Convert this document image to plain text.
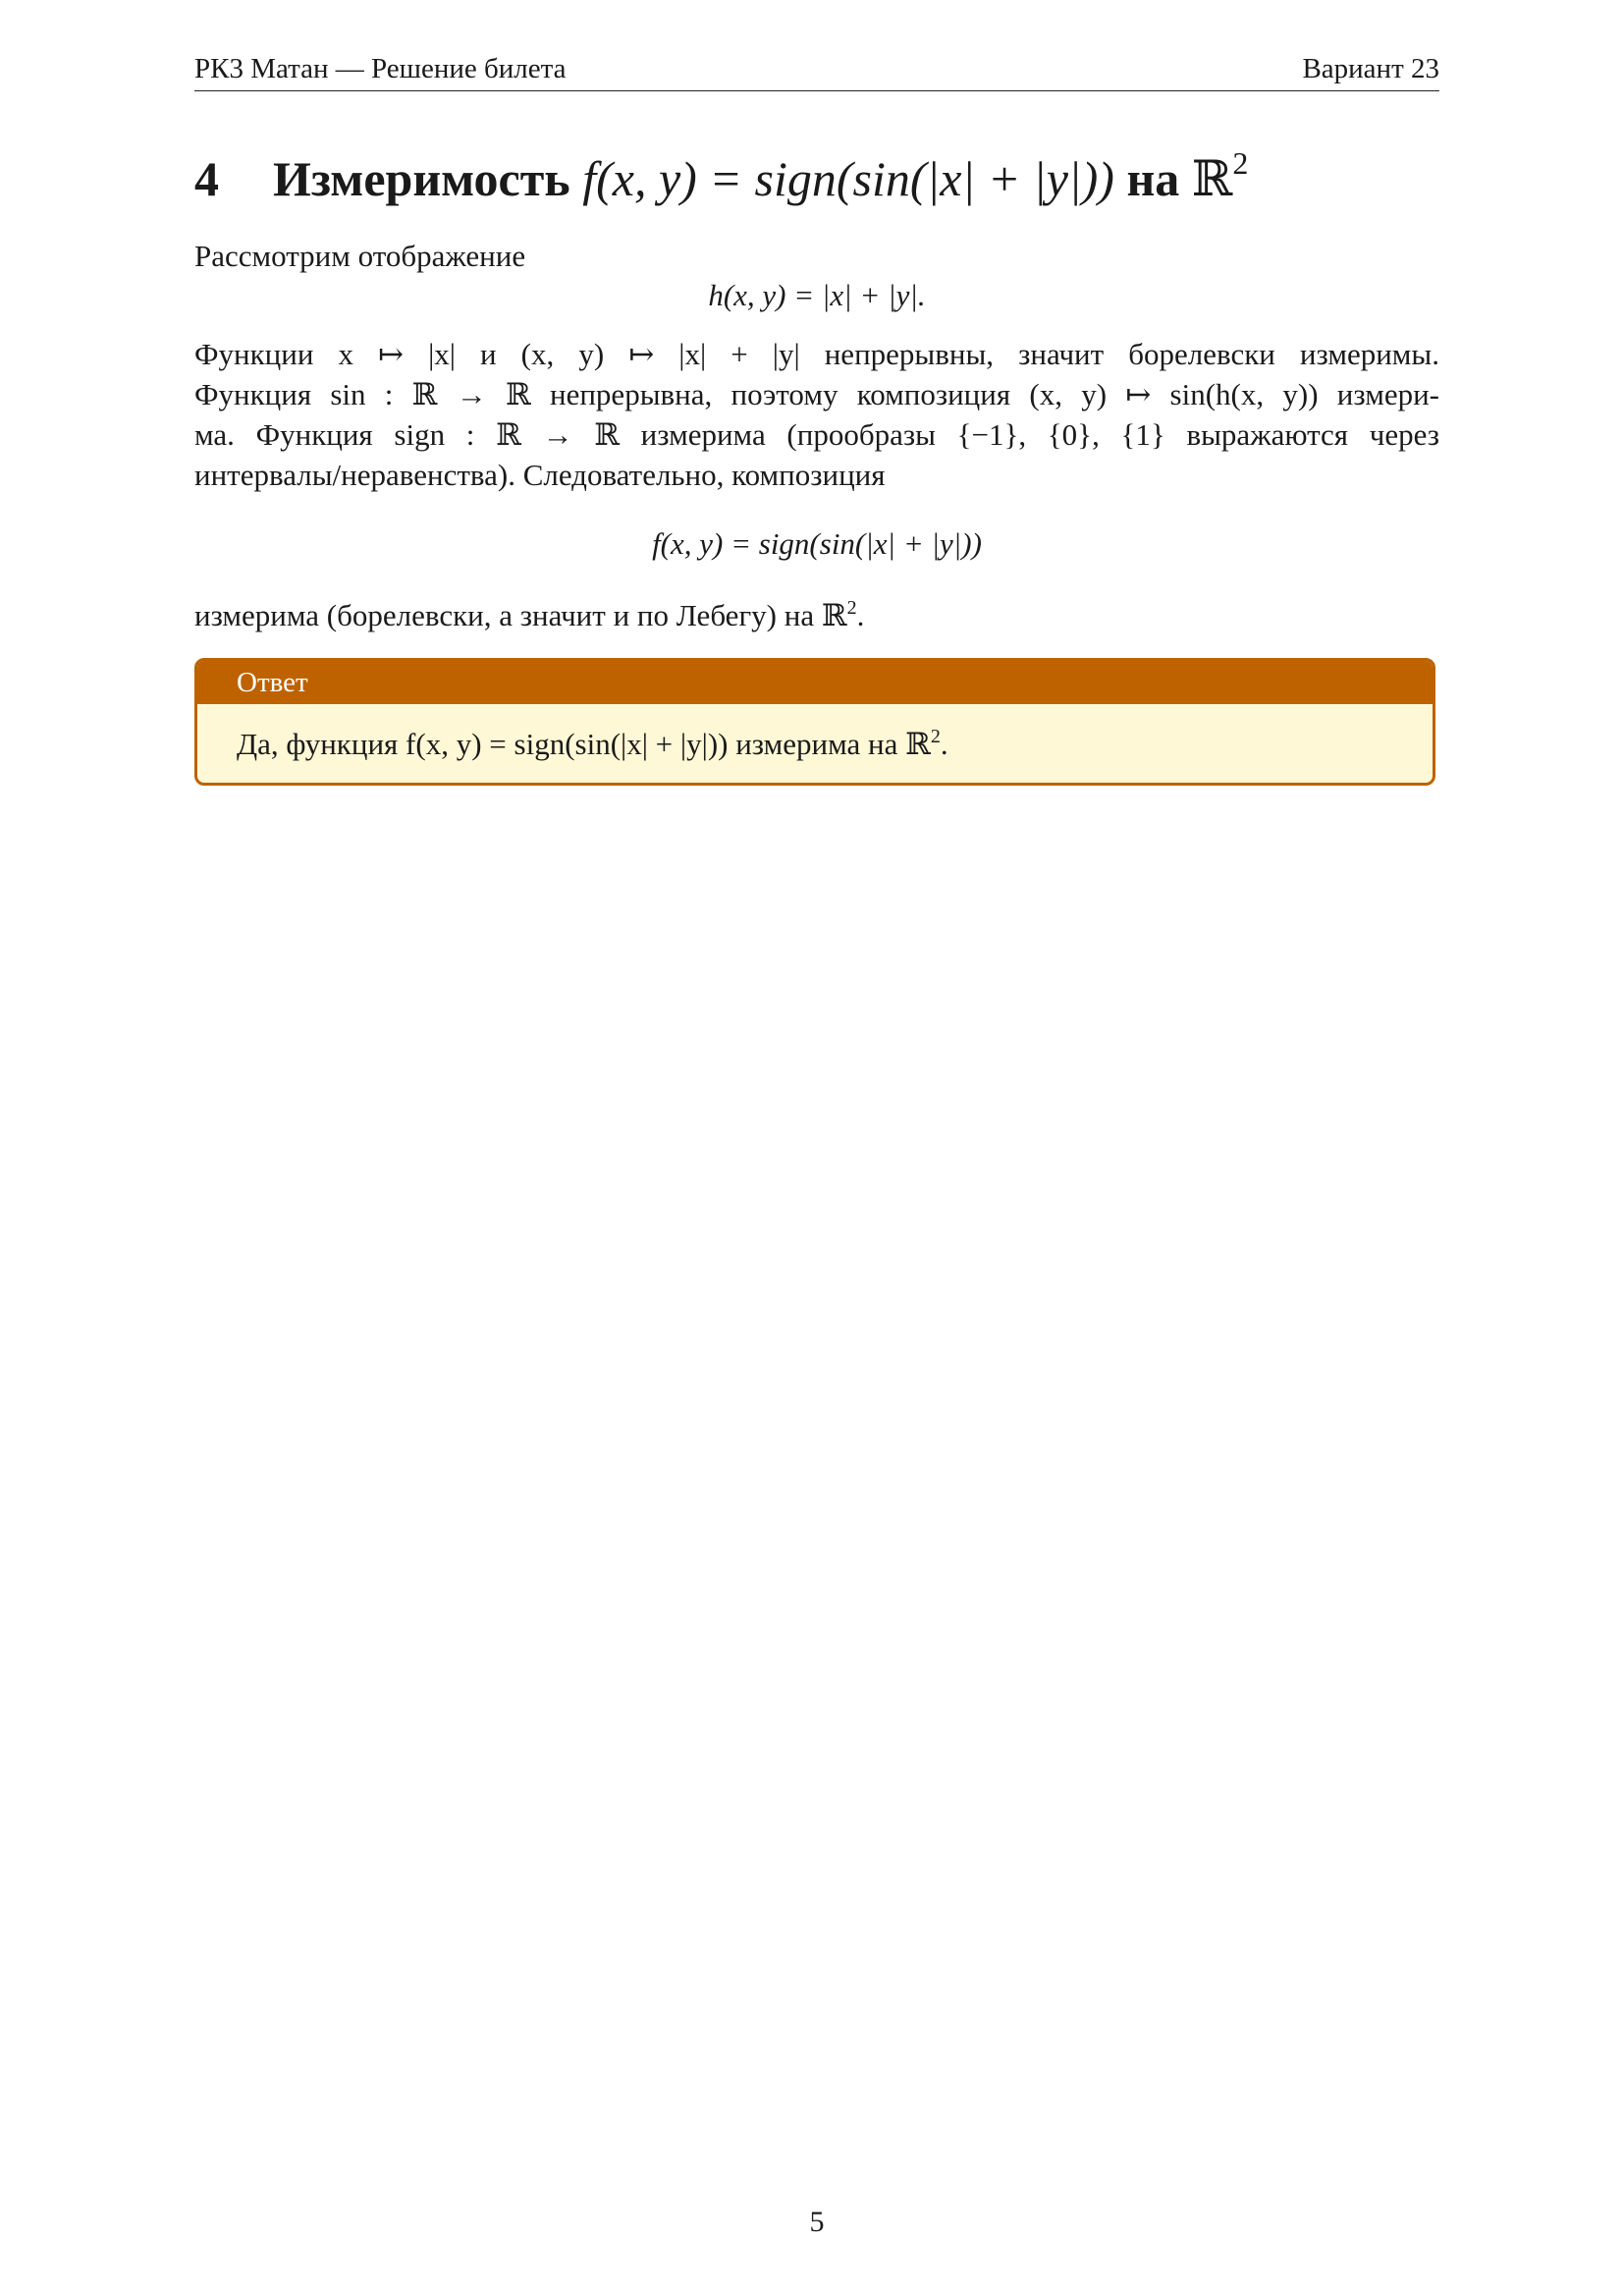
РК3 Матан — Решение билета	Вариант 23
4 Измеримость f(x, y) = sign(sin(|x| + |y|)) на ℝ$^2$
Рассмотрим отображение
h(x, y) = |x| + |y|.
Функции x ↦ |x| и (x, y) ↦ |x| + |y| непрерывны, значит борелевски измеримы.
Функция sin : ℝ → ℝ непрерывна, поэтому композиция (x, y) ↦ sin(h(x, y)) измери-
ма. Функция sign : ℝ → ℝ измерима (прообразы {−1}, {0}, {1} выражаются через
интервалы/неравенства). Следовательно, композиция
f(x, y) = sign(sin(|x| + |y|))
измерима (борелевски, а значит и по Лебегу) на ℝ$^2$.
Ответ
Да, функция f(x, y) = sign(sin(|x| + |y|)) измерима на ℝ$^2$.
5
